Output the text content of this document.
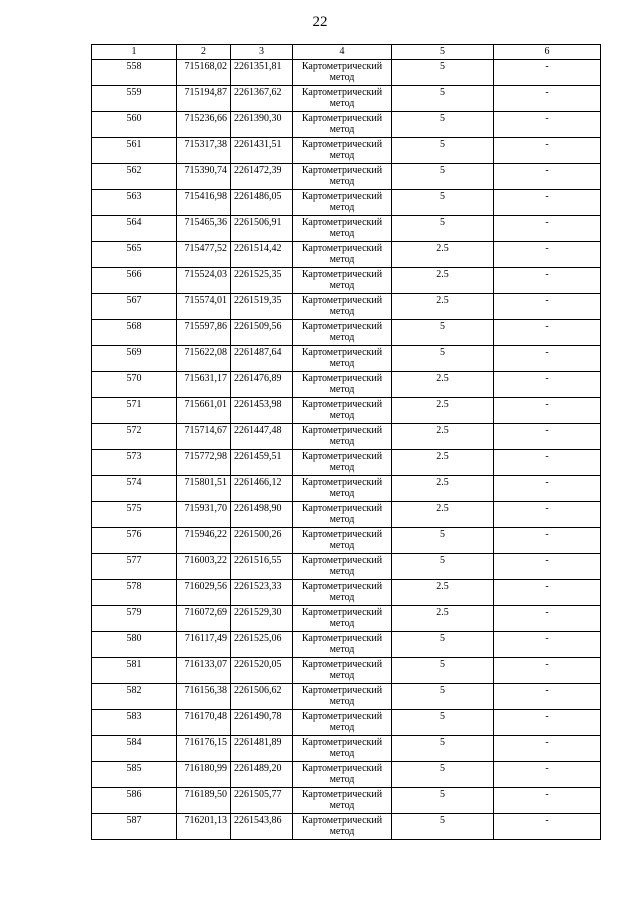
22
1	2	3	4	5	6
558	715168,02	2261351,81	Картометрический метод	5	-
559	715194,87	2261367,62	Картометрический метод	5	-
560	715236,66	2261390,30	Картометрический метод	5	-
561	715317,38	2261431,51	Картометрический метод	5	-
562	715390,74	2261472,39	Картометрический метод	5	-
563	715416,98	2261486,05	Картометрический метод	5	-
564	715465,36	2261506,91	Картометрический метод	5	-
565	715477,52	2261514,42	Картометрический метод	2.5	-
566	715524,03	2261525,35	Картометрический метод	2.5	-
567	715574,01	2261519,35	Картометрический метод	2.5	-
568	715597,86	2261509,56	Картометрический метод	5	-
569	715622,08	2261487,64	Картометрический метод	5	-
570	715631,17	2261476,89	Картометрический метод	2.5	-
571	715661,01	2261453,98	Картометрический метод	2.5	-
572	715714,67	2261447,48	Картометрический метод	2.5	-
573	715772,98	2261459,51	Картометрический метод	2.5	-
574	715801,51	2261466,12	Картометрический метод	2.5	-
575	715931,70	2261498,90	Картометрический метод	2.5	-
576	715946,22	2261500,26	Картометрический метод	5	-
577	716003,22	2261516,55	Картометрический метод	5	-
578	716029,56	2261523,33	Картометрический метод	2.5	-
579	716072,69	2261529,30	Картометрический метод	2.5	-
580	716117,49	2261525,06	Картометрический метод	5	-
581	716133,07	2261520,05	Картометрический метод	5	-
582	716156,38	2261506,62	Картометрический метод	5	-
583	716170,48	2261490,78	Картометрический метод	5	-
584	716176,15	2261481,89	Картометрический метод	5	-
585	716180,99	2261489,20	Картометрический метод	5	-
586	716189,50	2261505,77	Картометрический метод	5	-
587	716201,13	2261543,86	Картометрический метод	5	-
